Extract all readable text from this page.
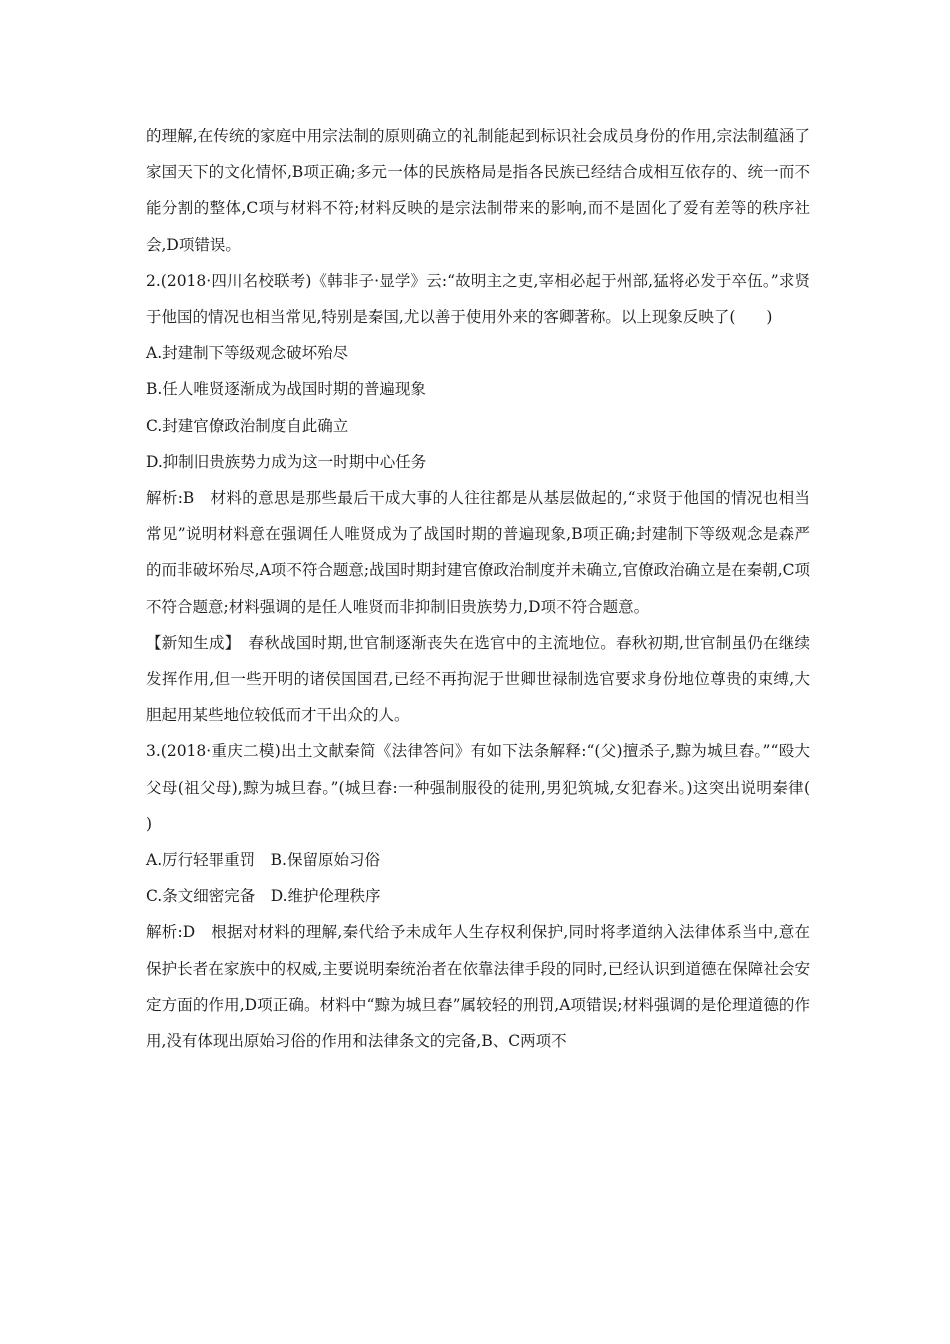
的理解,在传统的家庭中用宗法制的原则确立的礼制能起到标识社会成员身份的作用,宗法制蕴涵了家国天下的文化情怀,B项正确;多元一体的民族格局是指各民族已经结合成相互依存的、统一而不能分割的整体,C项与材料不符;材料反映的是宗法制带来的影响,而不是固化了爱有差等的秩序社会,D项错误。
2.(2018·四川名校联考)《韩非子·显学》云:“故明主之吏,宰相必起于州部,猛将必发于卒伍。”求贤于他国的情况也相当常见,特别是秦国,尤以善于使用外来的客卿著称。以上现象反映了(　　)
A.封建制下等级观念破坏殆尽
B.任人唯贤逐渐成为战国时期的普遍现象
C.封建官僚政治制度自此确立
D.抑制旧贵族势力成为这一时期中心任务
解析:B　材料的意思是那些最后干成大事的人往往都是从基层做起的,“求贤于他国的情况也相当常见”说明材料意在强调任人唯贤成为了战国时期的普遍现象,B项正确;封建制下等级观念是森严的而非破坏殆尽,A项不符合题意;战国时期封建官僚政治制度并未确立,官僚政治确立是在秦朝,C项不符合题意;材料强调的是任人唯贤而非抑制旧贵族势力,D项不符合题意。
【新知生成】　春秋战国时期,世官制逐渐丧失在选官中的主流地位。春秋初期,世官制虽仍在继续发挥作用,但一些开明的诸侯国国君,已经不再拘泥于世卿世禄制选官要求身份地位尊贵的束缚,大胆起用某些地位较低而才干出众的人。
3.(2018·重庆二模)出土文献秦简《法律答问》有如下法条解释:“(父)擅杀子,黥为城旦舂。”“殴大父母(祖父母),黥为城旦舂。”(城旦舂:一种强制服役的徒刑,男犯筑城,女犯舂米。)这突出说明秦律(　　)
A.厉行轻罪重罚　B.保留原始习俗
C.条文细密完备　D.维护伦理秩序
解析:D　根据对材料的理解,秦代给予未成年人生存权利保护,同时将孝道纳入法律体系当中,意在保护长者在家族中的权威,主要说明秦统治者在依靠法律手段的同时,已经认识到道德在保障社会安定方面的作用,D项正确。材料中“黥为城旦舂”属较轻的刑罚,A项错误;材料强调的是伦理道德的作用,没有体现出原始习俗的作用和法律条文的完备,B、C两项不
